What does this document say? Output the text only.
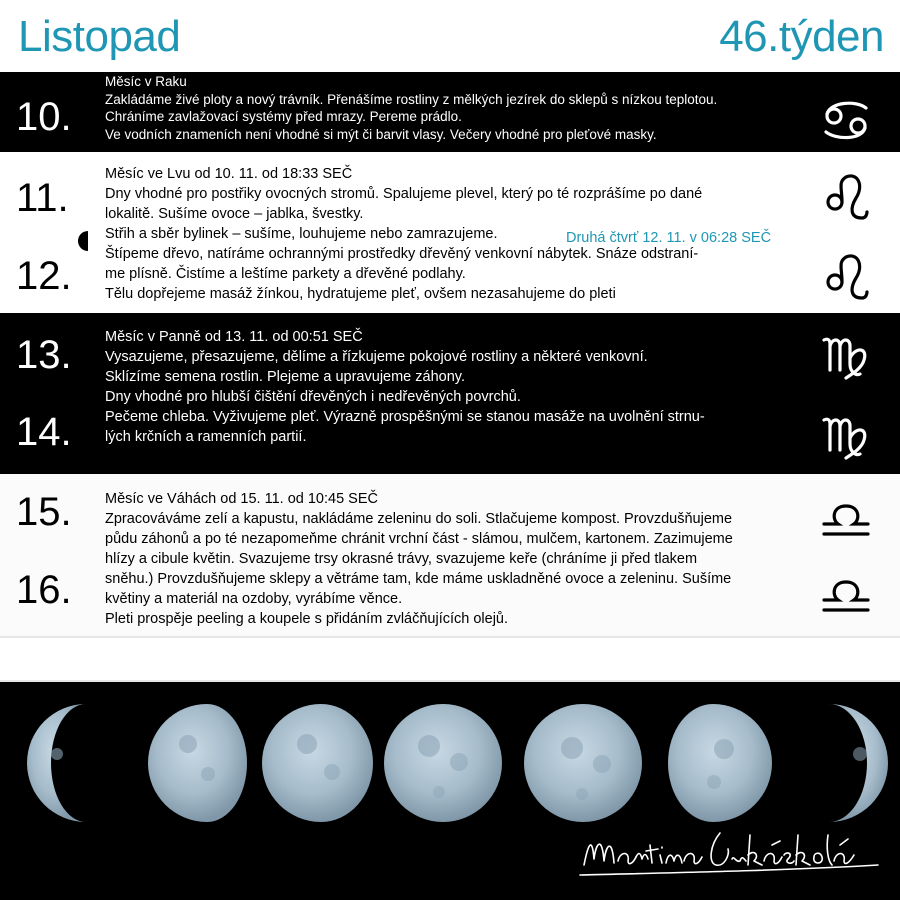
Listopad	46.týden
10.
11.
12.
13.
14.
15.
16.
Měsíc v Raku
Zakládáme živé ploty a nový trávník. Přenášíme rostliny z mělkých jezírek do sklepů s nízkou teplotou.
Chráníme zavlažovací systémy před mrazy. Pereme prádlo.
Ve vodních znameních není vhodné si mýt či barvit vlasy. Večery vhodné pro pleťové masky.
Měsíc ve Lvu od 10. 11. od 18:33 SEČ
Dny vhodné pro postřiky ovocných stromů. Spalujeme plevel, který po té rozprášíme po dané
lokalitě. Sušíme ovoce – jablka, švestky.
Střih a sběr bylinek – sušíme, louhujeme nebo zamrazujeme.
Štípeme dřevo, natíráme ochrannými prostředky dřevěný venkovní nábytek. Snáze odstraní-
me plísně. Čistíme a leštíme parkety a dřevěné podlahy.
Tělu dopřejeme masáž žínkou, hydratujeme pleť, ovšem nezasahujeme do pleti
Druhá čtvrť 12. 11. v 06:28 SEČ
Měsíc v Panně od 13. 11. od 00:51 SEČ
Vysazujeme, přesazujeme, dělíme a řízkujeme pokojové rostliny a některé venkovní.
Sklízíme semena rostlin. Plejeme a upravujeme záhony.
Dny vhodné pro hlubší čištění dřevěných i nedřevěných povrchů.
Pečeme chleba. Vyživujeme pleť. Výrazně prospěšnými se stanou masáže na uvolnění strnu-
lých krčních a ramenních partií.
Měsíc ve Váhách od 15. 11. od 10:45 SEČ
Zpracováváme zelí a kapustu, nakládáme zeleninu do soli. Stlačujeme kompost. Provzdušňujeme
půdu záhonů a po té nezapomeňme chránit vrchní část - slámou, mulčem, kartonem. Zazimujeme
hlízy a cibule květin. Svazujeme trsy okrasné trávy, svazujeme keře (chráníme ji před tlakem
sněhu.) Provzdušňujeme sklepy a větráme tam, kde máme uskladněné ovoce a zeleninu. Sušíme
květiny a materiál na ozdoby, vyrábíme věnce.
Pleti prospěje peeling a koupele s přidáním zvláčňujících olejů.
